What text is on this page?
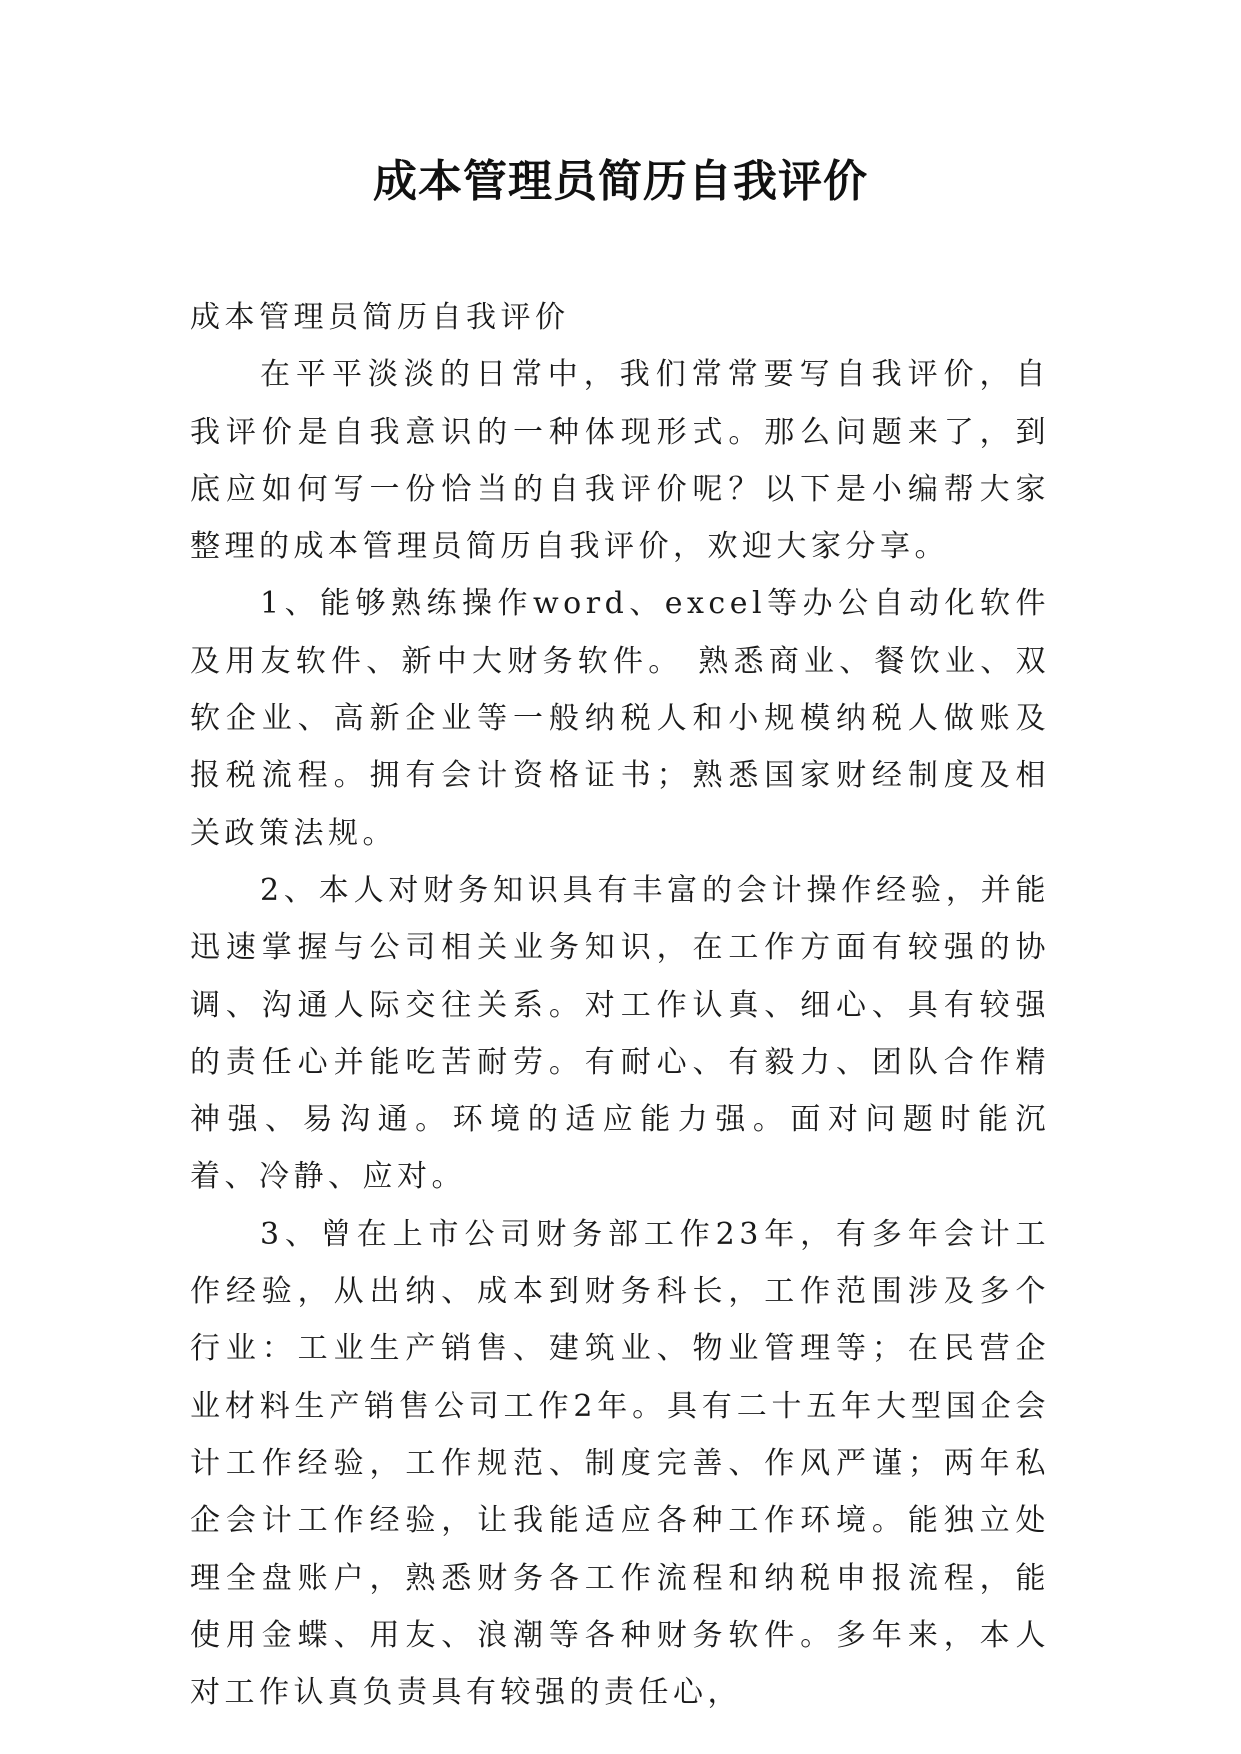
成本管理员简历自我评价

成本管理员简历自我评价

在平平淡淡的日常中，我们常常要写自我评价，自我评价是自我意识的一种体现形式。那么问题来了，到底应如何写一份恰当的自我评价呢？以下是小编帮大家整理的成本管理员简历自我评价，欢迎大家分享。

1、能够熟练操作word、excel等办公自动化软件及用友软件、新中大财务软件。 熟悉商业、餐饮业、双软企业、高新企业等一般纳税人和小规模纳税人做账及报税流程。拥有会计资格证书；熟悉国家财经制度及相关政策法规。

2、本人对财务知识具有丰富的会计操作经验，并能迅速掌握与公司相关业务知识，在工作方面有较强的协调、沟通人际交往关系。对工作认真、细心、具有较强的责任心并能吃苦耐劳。有耐心、有毅力、团队合作精神强、易沟通。环境的适应能力强。面对问题时能沉着、冷静、应对。

3、曾在上市公司财务部工作23年，有多年会计工作经验，从出纳、成本到财务科长，工作范围涉及多个行业：工业生产销售、建筑业、物业管理等；在民营企业材料生产销售公司工作2年。具有二十五年大型国企会计工作经验，工作规范、制度完善、作风严谨；两年私企会计工作经验，让我能适应各种工作环境。能独立处理全盘账户，熟悉财务各工作流程和纳税申报流程，能使用金蝶、用友、浪潮等各种财务软件。多年来，本人对工作认真负责具有较强的责任心，
